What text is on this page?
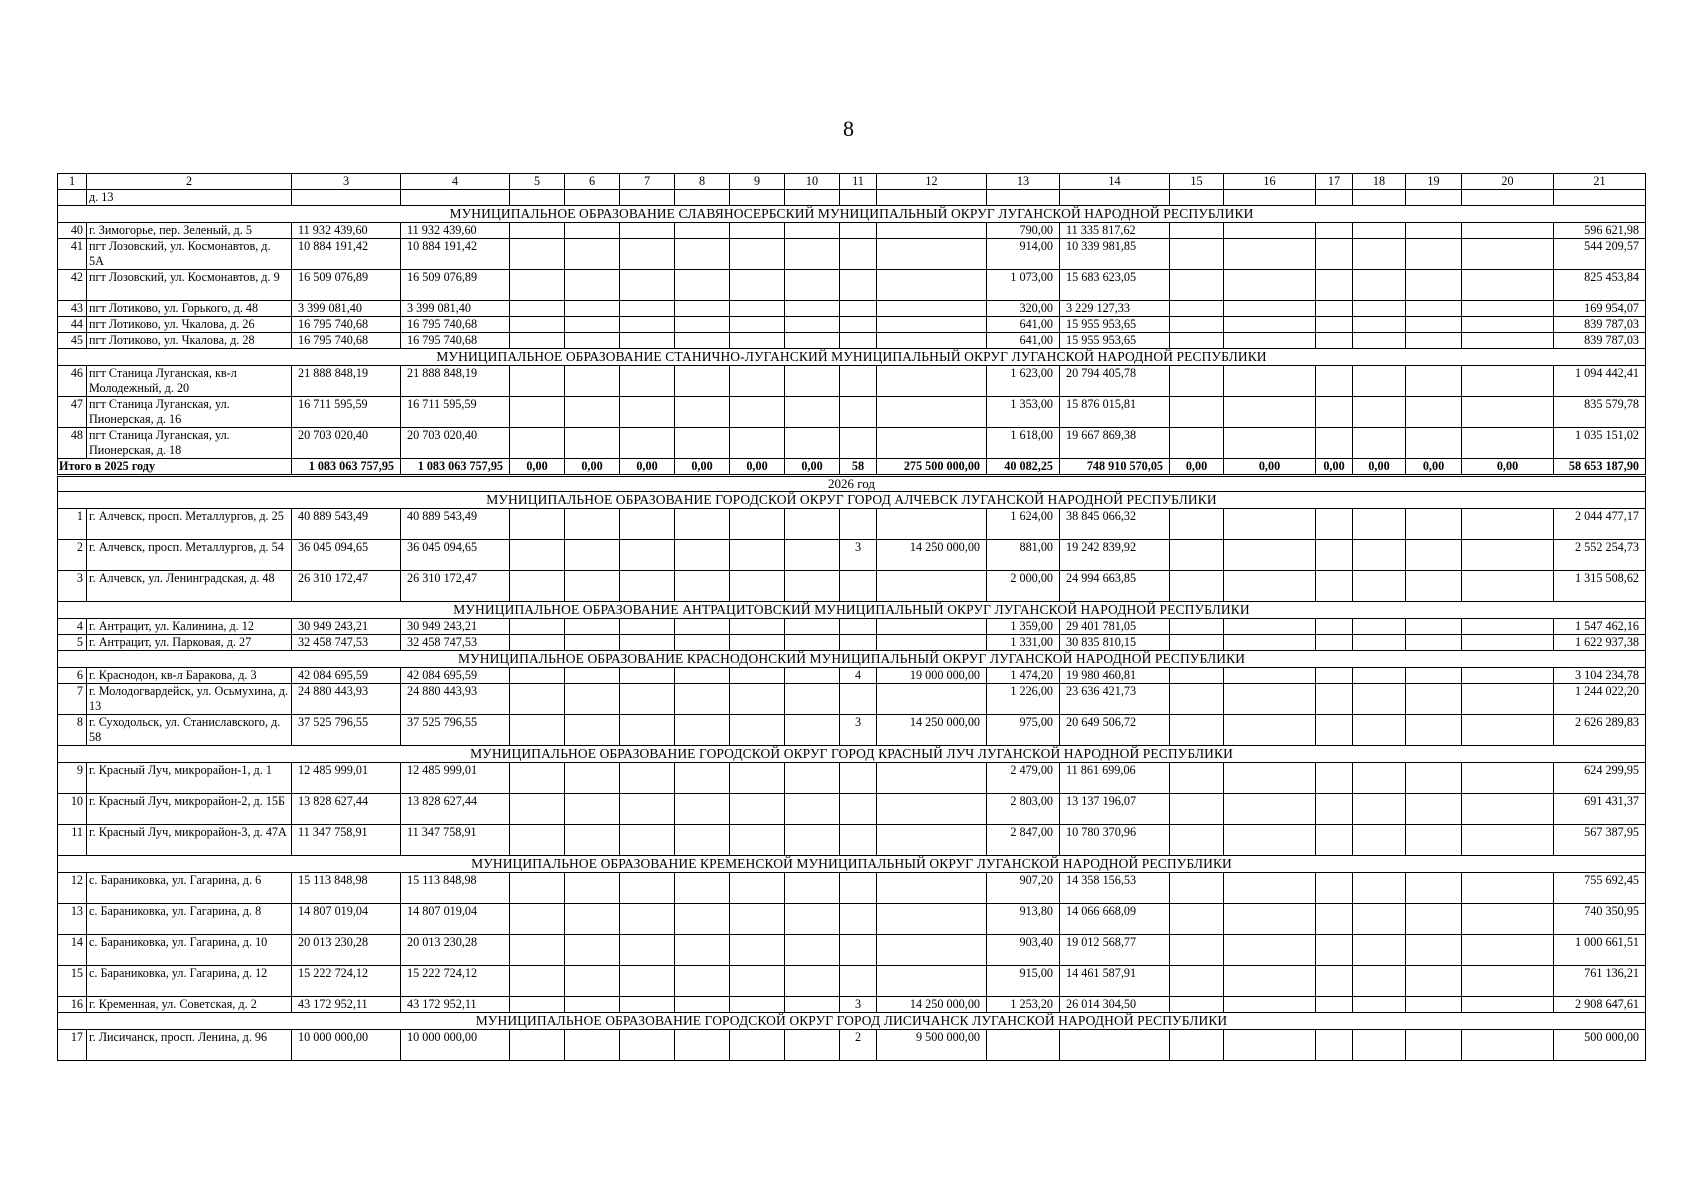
8
1	2	3	4	5	6	7	8	9	10	11	12	13	14	15	16	17	18	19	20	21
	д. 13																			
МУНИЦИПАЛЬНОЕ ОБРАЗОВАНИЕ СЛАВЯНОСЕРБСКИЙ МУНИЦИПАЛЬНЫЙ ОКРУГ ЛУГАНСКОЙ НАРОДНОЙ РЕСПУБЛИКИ																				
40	г. Зимогорье, пер. Зеленый, д. 5	11 932 439,60	11 932 439,60									790,00	11 335 817,62							596 621,98
41	пгт Лозовский, ул. Космонавтов, д. 5А	10 884 191,42	10 884 191,42									914,00	10 339 981,85							544 209,57
42	пгт Лозовский, ул. Космонавтов, д. 9	16 509 076,89	16 509 076,89									1 073,00	15 683 623,05							825 453,84
43	пгт Лотиково, ул. Горького, д. 48	3 399 081,40	3 399 081,40									320,00	3 229 127,33							169 954,07
44	пгт Лотиково, ул. Чкалова, д. 26	16 795 740,68	16 795 740,68									641,00	15 955 953,65							839 787,03
45	пгт Лотиково, ул. Чкалова, д. 28	16 795 740,68	16 795 740,68									641,00	15 955 953,65							839 787,03
МУНИЦИПАЛЬНОЕ ОБРАЗОВАНИЕ СТАНИЧНО-ЛУГАНСКИЙ МУНИЦИПАЛЬНЫЙ ОКРУГ ЛУГАНСКОЙ НАРОДНОЙ РЕСПУБЛИКИ																				
46	пгт Станица Луганская, кв-л Молодежный, д. 20	21 888 848,19	21 888 848,19									1 623,00	20 794 405,78							1 094 442,41
47	пгт Станица Луганская, ул. Пионерская, д. 16	16 711 595,59	16 711 595,59									1 353,00	15 876 015,81							835 579,78
48	пгт Станица Луганская, ул. Пионерская, д. 18	20 703 020,40	20 703 020,40									1 618,00	19 667 869,38							1 035 151,02
Итого в 2025 году		1 083 063 757,95	1 083 063 757,95	0,00	0,00	0,00	0,00	0,00	0,00	58	275 500 000,00	40 082,25	748 910 570,05	0,00	0,00	0,00	0,00	0,00	0,00	58 653 187,90
2026 год																				
МУНИЦИПАЛЬНОЕ ОБРАЗОВАНИЕ ГОРОДСКОЙ ОКРУГ ГОРОД АЛЧЕВСК ЛУГАНСКОЙ НАРОДНОЙ РЕСПУБЛИКИ																				
1	г. Алчевск, просп. Металлургов, д. 25	40 889 543,49	40 889 543,49									1 624,00	38 845 066,32							2 044 477,17
2	г. Алчевск, просп. Металлургов, д. 54	36 045 094,65	36 045 094,65							3	14 250 000,00	881,00	19 242 839,92							2 552 254,73
3	г. Алчевск, ул. Ленинградская, д. 48	26 310 172,47	26 310 172,47									2 000,00	24 994 663,85							1 315 508,62
МУНИЦИПАЛЬНОЕ ОБРАЗОВАНИЕ АНТРАЦИТОВСКИЙ МУНИЦИПАЛЬНЫЙ ОКРУГ ЛУГАНСКОЙ НАРОДНОЙ РЕСПУБЛИКИ																				
4	г. Антрацит, ул. Калинина, д. 12	30 949 243,21	30 949 243,21									1 359,00	29 401 781,05							1 547 462,16
5	г. Антрацит, ул. Парковая, д. 27	32 458 747,53	32 458 747,53									1 331,00	30 835 810,15							1 622 937,38
МУНИЦИПАЛЬНОЕ ОБРАЗОВАНИЕ КРАСНОДОНСКИЙ МУНИЦИПАЛЬНЫЙ ОКРУГ ЛУГАНСКОЙ НАРОДНОЙ РЕСПУБЛИКИ																				
6	г. Краснодон, кв-л Баракова, д. 3	42 084 695,59	42 084 695,59							4	19 000 000,00	1 474,20	19 980 460,81							3 104 234,78
7	г. Молодогвардейск, ул. Осьмухина, д. 13	24 880 443,93	24 880 443,93									1 226,00	23 636 421,73							1 244 022,20
8	г. Суходольск, ул. Станиславского, д. 58	37 525 796,55	37 525 796,55							3	14 250 000,00	975,00	20 649 506,72							2 626 289,83
МУНИЦИПАЛЬНОЕ ОБРАЗОВАНИЕ ГОРОДСКОЙ ОКРУГ ГОРОД КРАСНЫЙ ЛУЧ ЛУГАНСКОЙ НАРОДНОЙ РЕСПУБЛИКИ																				
9	г. Красный Луч, микрорайон-1, д. 1	12 485 999,01	12 485 999,01									2 479,00	11 861 699,06							624 299,95
10	г. Красный Луч, микрорайон-2, д. 15Б	13 828 627,44	13 828 627,44									2 803,00	13 137 196,07							691 431,37
11	г. Красный Луч, микрорайон-3, д. 47А	11 347 758,91	11 347 758,91									2 847,00	10 780 370,96							567 387,95
МУНИЦИПАЛЬНОЕ ОБРАЗОВАНИЕ КРЕМЕНСКОЙ МУНИЦИПАЛЬНЫЙ ОКРУГ ЛУГАНСКОЙ НАРОДНОЙ РЕСПУБЛИКИ																				
12	с. Бараниковка, ул. Гагарина, д. 6	15 113 848,98	15 113 848,98									907,20	14 358 156,53							755 692,45
13	с. Бараниковка, ул. Гагарина, д. 8	14 807 019,04	14 807 019,04									913,80	14 066 668,09							740 350,95
14	с. Бараниковка, ул. Гагарина, д. 10	20 013 230,28	20 013 230,28									903,40	19 012 568,77							1 000 661,51
15	с. Бараниковка, ул. Гагарина, д. 12	15 222 724,12	15 222 724,12									915,00	14 461 587,91							761 136,21
16	г. Кременная, ул. Советская, д. 2	43 172 952,11	43 172 952,11							3	14 250 000,00	1 253,20	26 014 304,50							2 908 647,61
МУНИЦИПАЛЬНОЕ ОБРАЗОВАНИЕ ГОРОДСКОЙ ОКРУГ ГОРОД ЛИСИЧАНСК ЛУГАНСКОЙ НАРОДНОЙ РЕСПУБЛИКИ																				
17	г. Лисичанск, просп. Ленина, д. 96	10 000 000,00	10 000 000,00							2	9 500 000,00									500 000,00
